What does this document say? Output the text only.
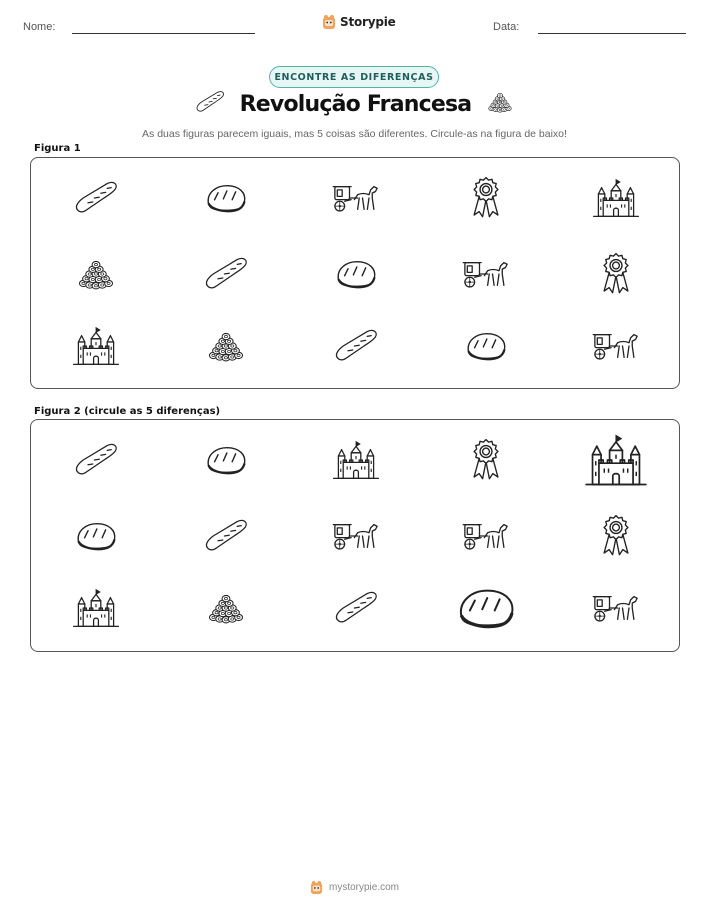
Nome:	Storypie	Data:
ENCONTRE AS DIFERENÇAS
Revolução Francesa
As duas figuras parecem iguais, mas 5 coisas são diferentes. Circule-as na figura de baixo!
Figura 1
Figura 2 (circule as 5 diferenças)
mystorypie.com
